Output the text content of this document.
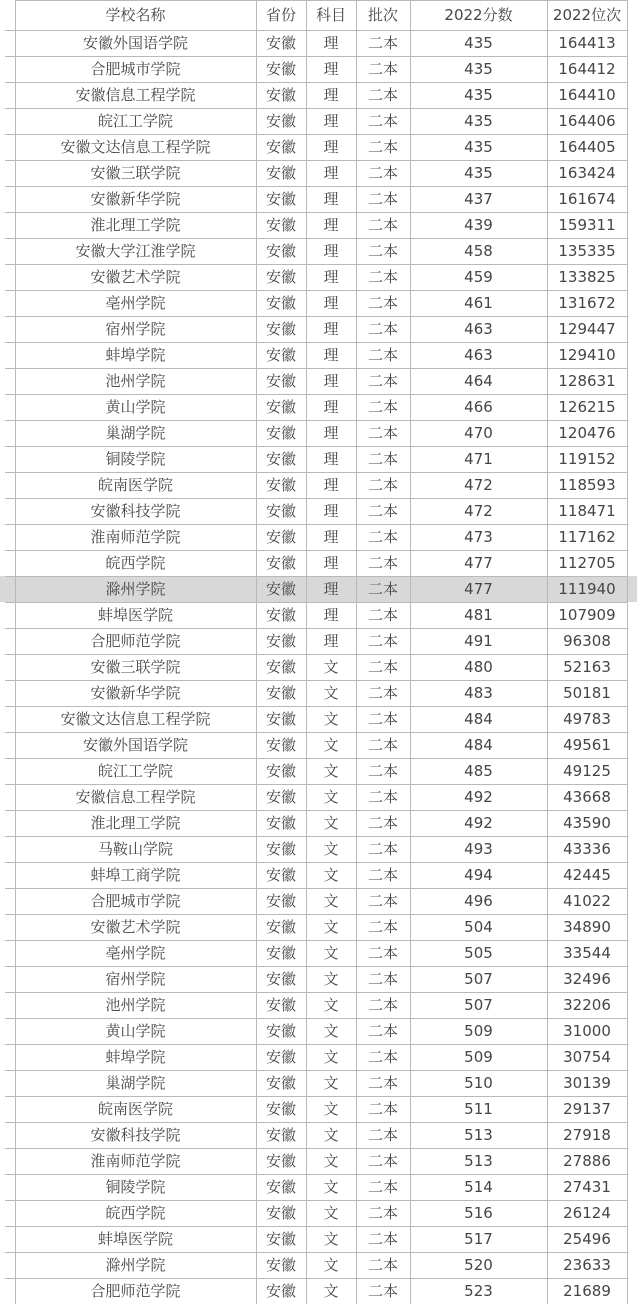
	学校名称	省份	科目	批次	2022分数	2022位次
	安徽外国语学院	安徽	理	二本	435	164413
	合肥城市学院	安徽	理	二本	435	164412
	安徽信息工程学院	安徽	理	二本	435	164410
	皖江工学院	安徽	理	二本	435	164406
	安徽文达信息工程学院	安徽	理	二本	435	164405
	安徽三联学院	安徽	理	二本	435	163424
	安徽新华学院	安徽	理	二本	437	161674
	淮北理工学院	安徽	理	二本	439	159311
	安徽大学江淮学院	安徽	理	二本	458	135335
	安徽艺术学院	安徽	理	二本	459	133825
	亳州学院	安徽	理	二本	461	131672
	宿州学院	安徽	理	二本	463	129447
	蚌埠学院	安徽	理	二本	463	129410
	池州学院	安徽	理	二本	464	128631
	黄山学院	安徽	理	二本	466	126215
	巢湖学院	安徽	理	二本	470	120476
	铜陵学院	安徽	理	二本	471	119152
	皖南医学院	安徽	理	二本	472	118593
	安徽科技学院	安徽	理	二本	472	118471
	淮南师范学院	安徽	理	二本	473	117162
	皖西学院	安徽	理	二本	477	112705
	滁州学院	安徽	理	二本	477	111940
	蚌埠医学院	安徽	理	二本	481	107909
	合肥师范学院	安徽	理	二本	491	96308
	安徽三联学院	安徽	文	二本	480	52163
	安徽新华学院	安徽	文	二本	483	50181
	安徽文达信息工程学院	安徽	文	二本	484	49783
	安徽外国语学院	安徽	文	二本	484	49561
	皖江工学院	安徽	文	二本	485	49125
	安徽信息工程学院	安徽	文	二本	492	43668
	淮北理工学院	安徽	文	二本	492	43590
	马鞍山学院	安徽	文	二本	493	43336
	蚌埠工商学院	安徽	文	二本	494	42445
	合肥城市学院	安徽	文	二本	496	41022
	安徽艺术学院	安徽	文	二本	504	34890
	亳州学院	安徽	文	二本	505	33544
	宿州学院	安徽	文	二本	507	32496
	池州学院	安徽	文	二本	507	32206
	黄山学院	安徽	文	二本	509	31000
	蚌埠学院	安徽	文	二本	509	30754
	巢湖学院	安徽	文	二本	510	30139
	皖南医学院	安徽	文	二本	511	29137
	安徽科技学院	安徽	文	二本	513	27918
	淮南师范学院	安徽	文	二本	513	27886
	铜陵学院	安徽	文	二本	514	27431
	皖西学院	安徽	文	二本	516	26124
	蚌埠医学院	安徽	文	二本	517	25496
	滁州学院	安徽	文	二本	520	23633
	合肥师范学院	安徽	文	二本	523	21689
